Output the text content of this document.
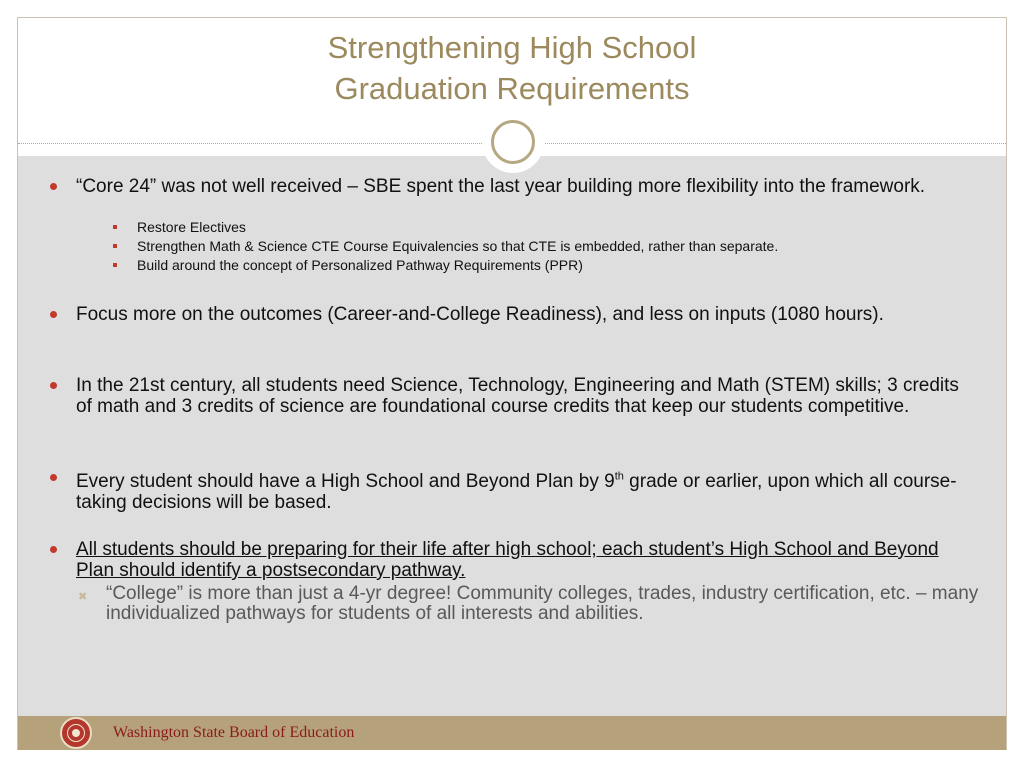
Strengthening High School
Graduation Requirements
“Core 24” was not well received – SBE spent the last year building more flexibility into the framework.
Restore Electives
Strengthen Math & Science CTE Course Equivalencies so that CTE is embedded, rather than separate.
Build around the concept of Personalized Pathway Requirements (PPR)
Focus more on the outcomes (Career-and-College Readiness), and less on inputs (1080 hours).
In the 21st century, all students need Science, Technology, Engineering and Math (STEM) skills; 3 credits of math and 3 credits of science are foundational course credits that keep our students competitive.
Every student should have a High School and Beyond Plan by 9th grade or earlier, upon which all course-taking decisions will be based.
All students should be preparing for their life after high school; each student’s High School and Beyond Plan should identify a postsecondary pathway.
✖ “College” is more than just a 4-yr degree! Community colleges, trades, industry certification, etc. – many individualized pathways for students of all interests and abilities.
Washington State Board of Education
